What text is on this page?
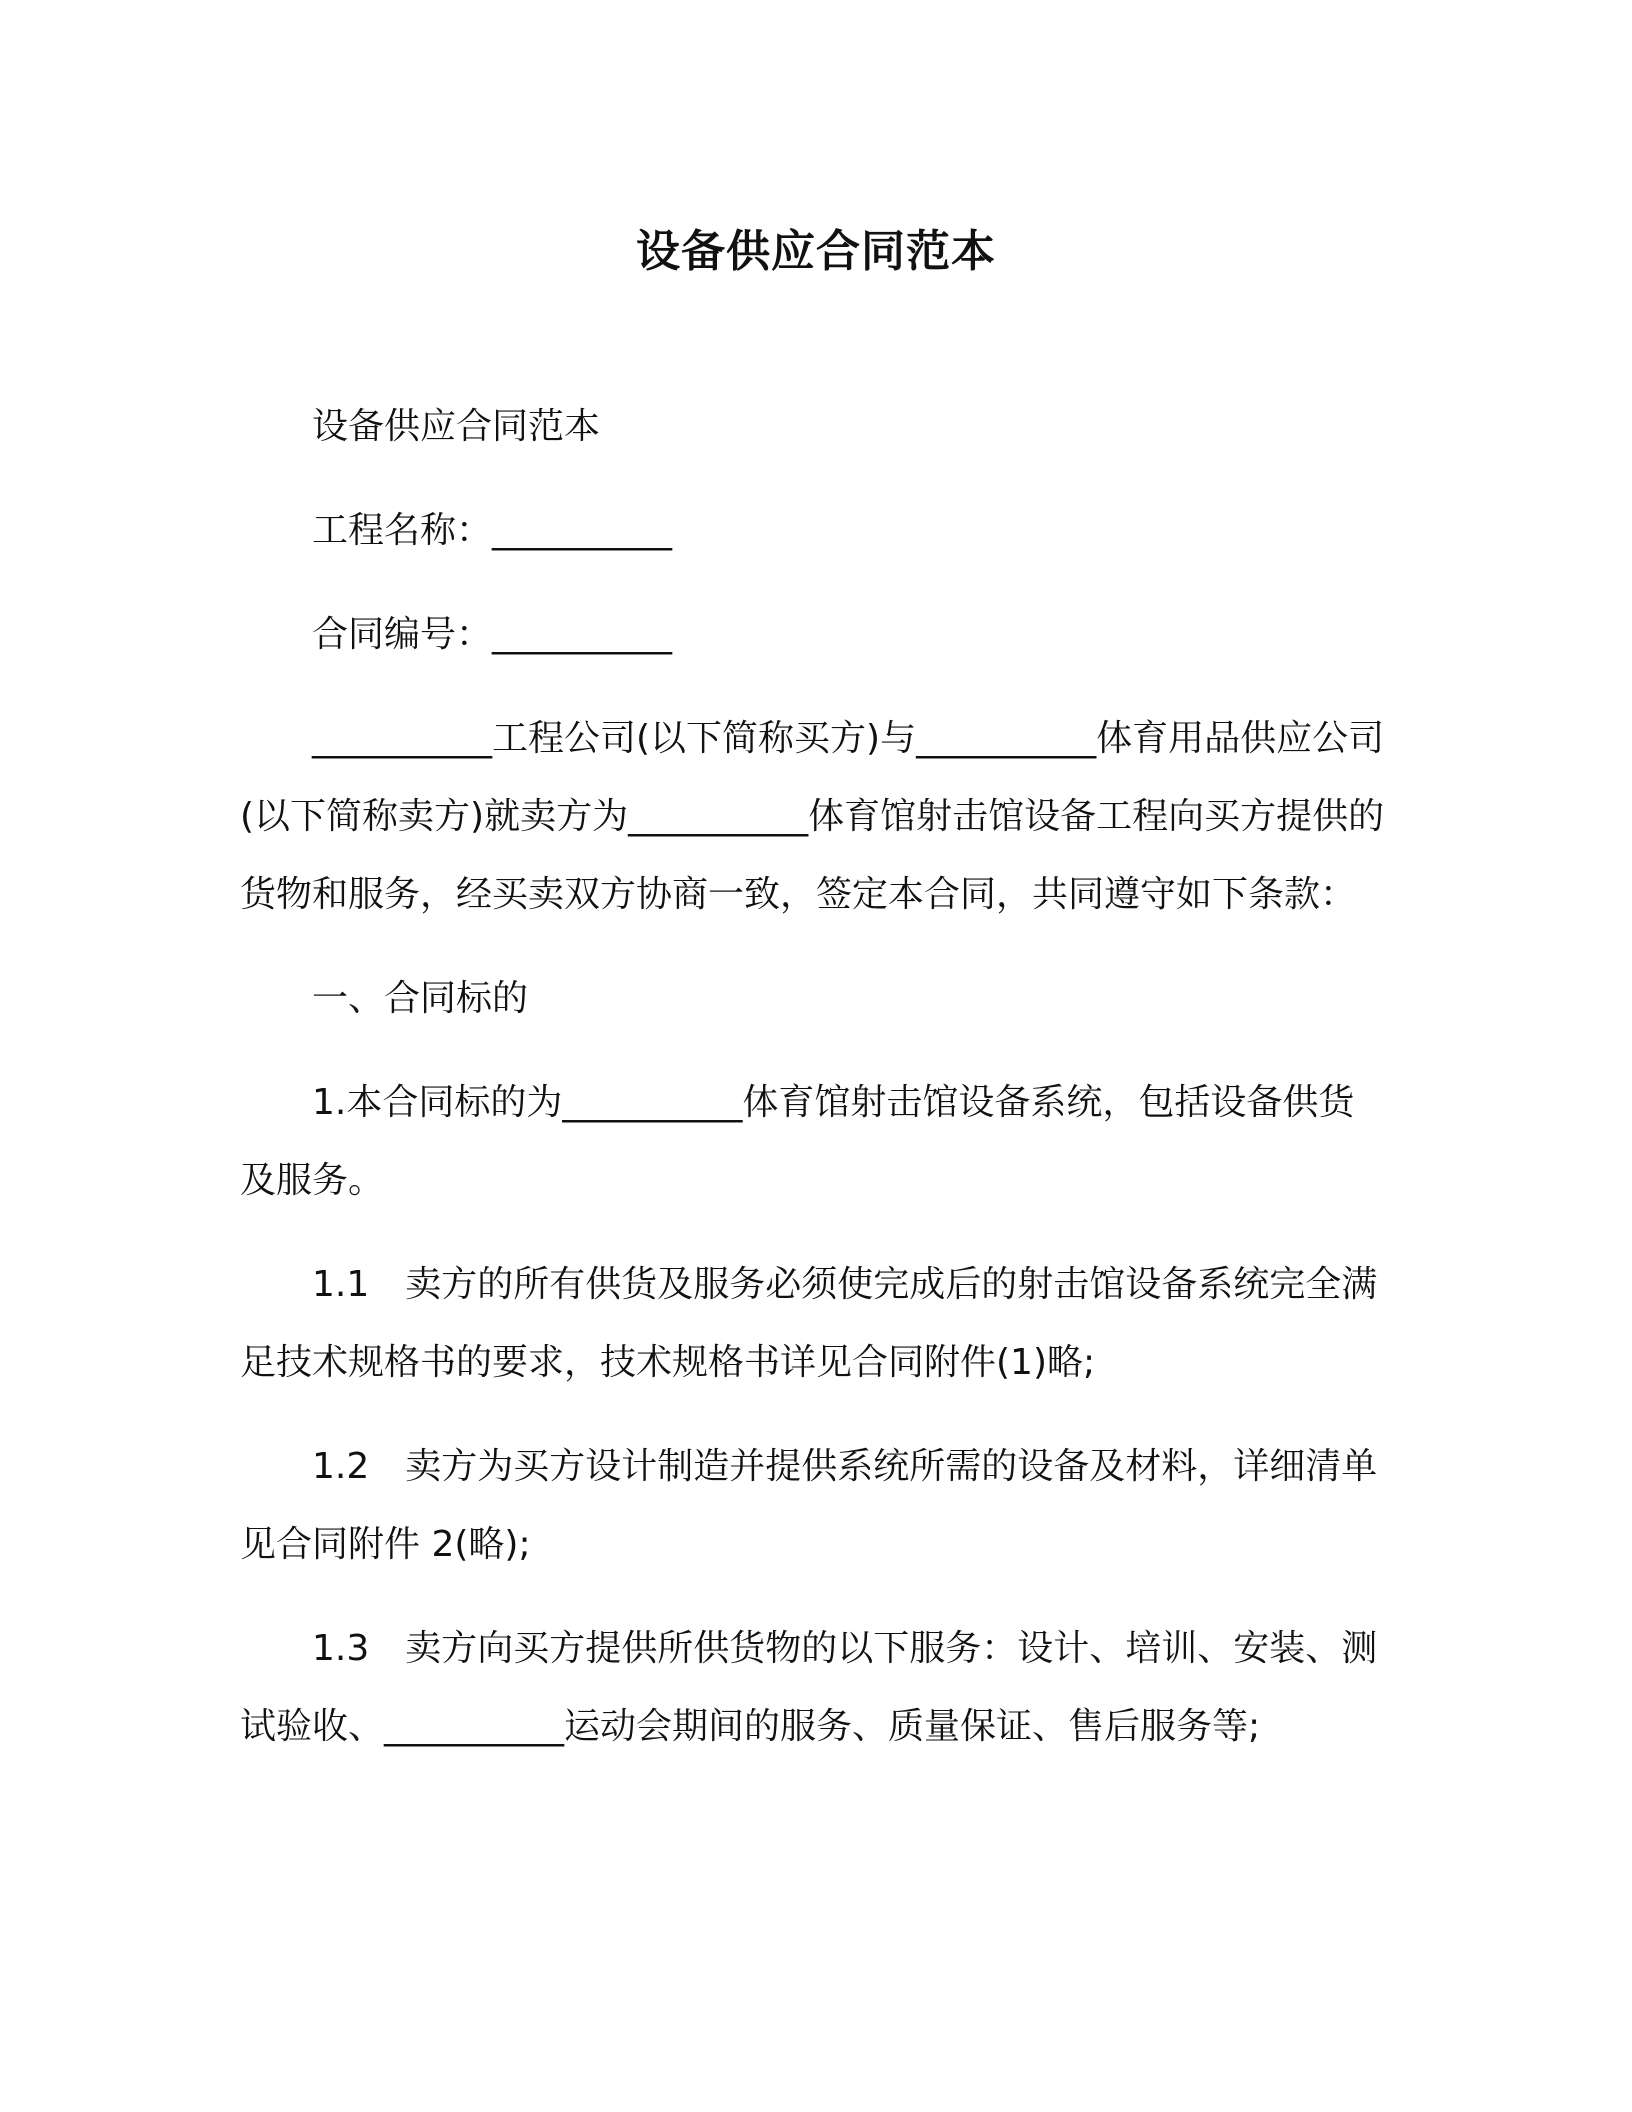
设备供应合同范本

设备供应合同范本

工程名称：__________

合同编号：__________

__________工程公司(以下简称买方)与__________体育用品供应公司(以下简称卖方)就卖方为__________体育馆射击馆设备工程向买方提供的货物和服务，经买卖双方协商一致，签定本合同，共同遵守如下条款：

一、合同标的

1.本合同标的为__________体育馆射击馆设备系统，包括设备供货及服务。

1.1　卖方的所有供货及服务必须使完成后的射击馆设备系统完全满足技术规格书的要求，技术规格书详见合同附件(1)略;

1.2　卖方为买方设计制造并提供系统所需的设备及材料，详细清单见合同附件 2(略);

1.3　卖方向买方提供所供货物的以下服务：设计、培训、安装、测试验收、__________运动会期间的服务、质量保证、售后服务等;
